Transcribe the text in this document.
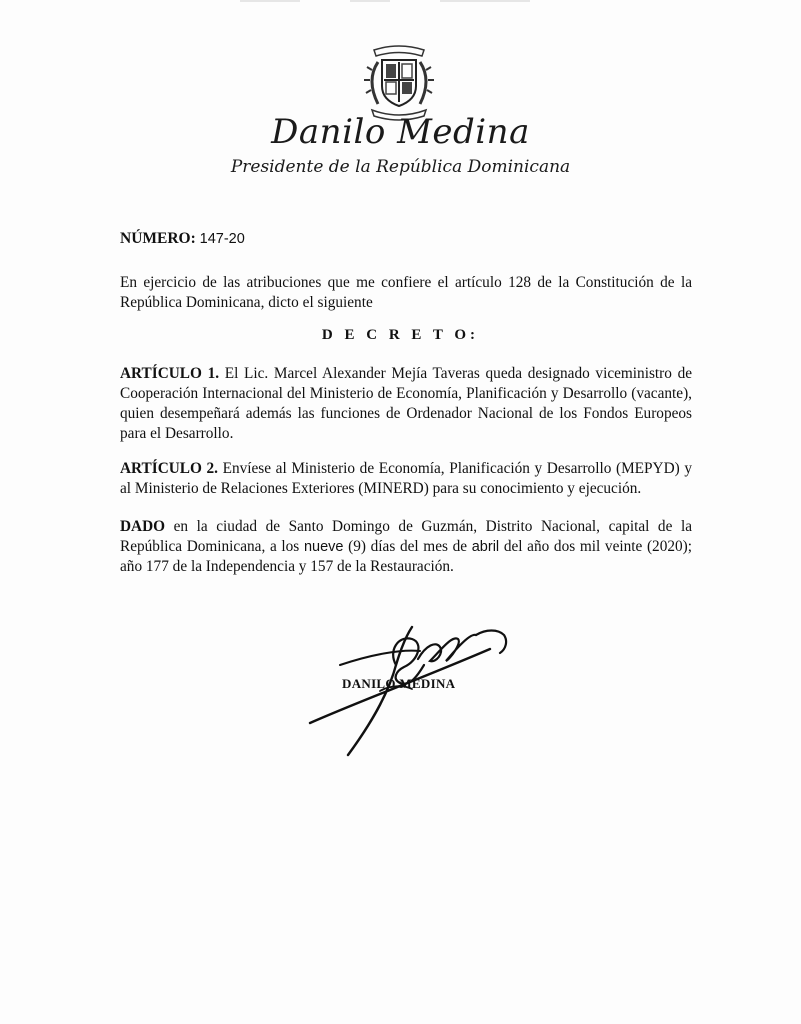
Danilo Medina
Presidente de la República Dominicana
NÚMERO: 147-20
En ejercicio de las atribuciones que me confiere el artículo 128 de la Constitución de la República Dominicana, dicto el siguiente
D E C R E T O:
ARTÍCULO 1. El Lic. Marcel Alexander Mejía Taveras queda designado viceministro de Cooperación Internacional del Ministerio de Economía, Planificación y Desarrollo (vacante), quien desempeñará además las funciones de Ordenador Nacional de los Fondos Europeos para el Desarrollo.
ARTÍCULO 2. Envíese al Ministerio de Economía, Planificación y Desarrollo (MEPYD) y al Ministerio de Relaciones Exteriores (MINERD) para su conocimiento y ejecución.
DADO en la ciudad de Santo Domingo de Guzmán, Distrito Nacional, capital de la República Dominicana, a los nueve (9) días del mes de abril del año dos mil veinte (2020); año 177 de la Independencia y 157 de la Restauración.
DANILO MEDINA
